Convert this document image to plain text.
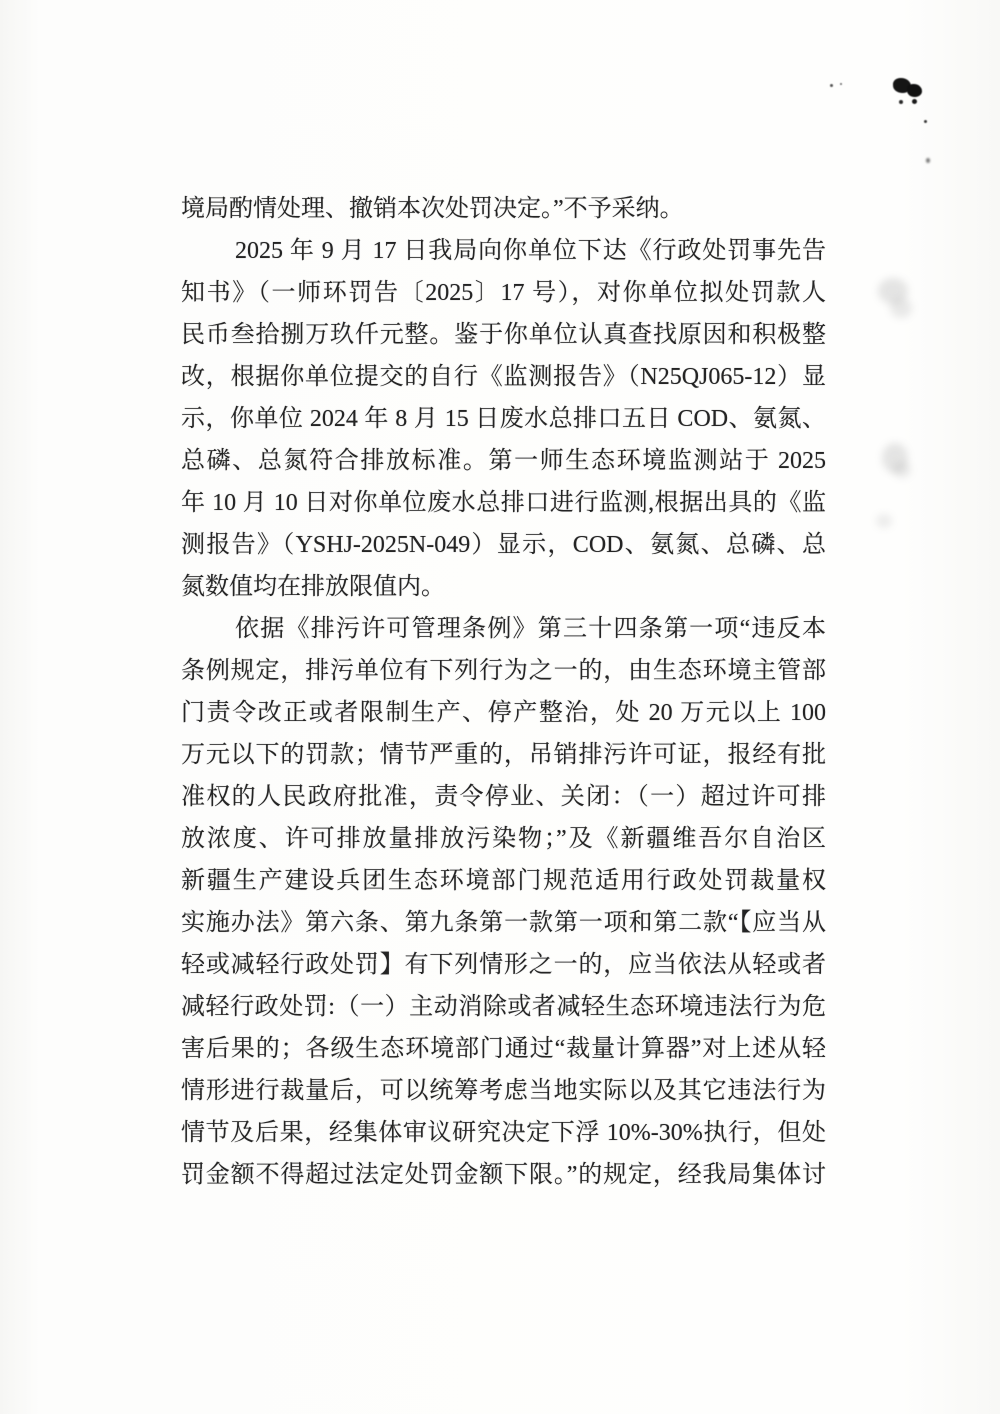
境局酌情处理、撤销本次处罚决定。”不予采纳。
2025 年 9 月 17 日我局向你单位下达《行政处罚事先告
知书》（一师环罚告〔2025〕17 号），对你单位拟处罚款人
民币叁拾捌万玖仟元整。鉴于你单位认真查找原因和积极整
改，根据你单位提交的自行《监测报告》（N25QJ065-12）显
示，你单位 2024 年 8 月 15 日废水总排口五日 COD、氨氮、
总磷、总氮符合排放标准。第一师生态环境监测站于 2025
年 10 月 10 日对你单位废水总排口进行监测,根据出具的《监
测报告》（YSHJ-2025N-049）显示，COD、氨氮、总磷、总
氮数值均在排放限值内。
依据《排污许可管理条例》第三十四条第一项“违反本
条例规定，排污单位有下列行为之一的，由生态环境主管部
门责令改正或者限制生产、停产整治，处 20 万元以上 100
万元以下的罚款；情节严重的，吊销排污许可证，报经有批
准权的人民政府批准，责令停业、关闭：（一）超过许可排
放浓度、许可排放量排放污染物；”及《新疆维吾尔自治区
新疆生产建设兵团生态环境部门规范适用行政处罚裁量权
实施办法》第六条、第九条第一款第一项和第二款“【应当从
轻或减轻行政处罚】有下列情形之一的，应当依法从轻或者
减轻行政处罚:（一）主动消除或者减轻生态环境违法行为危
害后果的；各级生态环境部门通过“裁量计算器”对上述从轻
情形进行裁量后，可以统筹考虑当地实际以及其它违法行为
情节及后果，经集体审议研究决定下浮 10%-30%执行，但处
罚金额不得超过法定处罚金额下限。”的规定，经我局集体讨
